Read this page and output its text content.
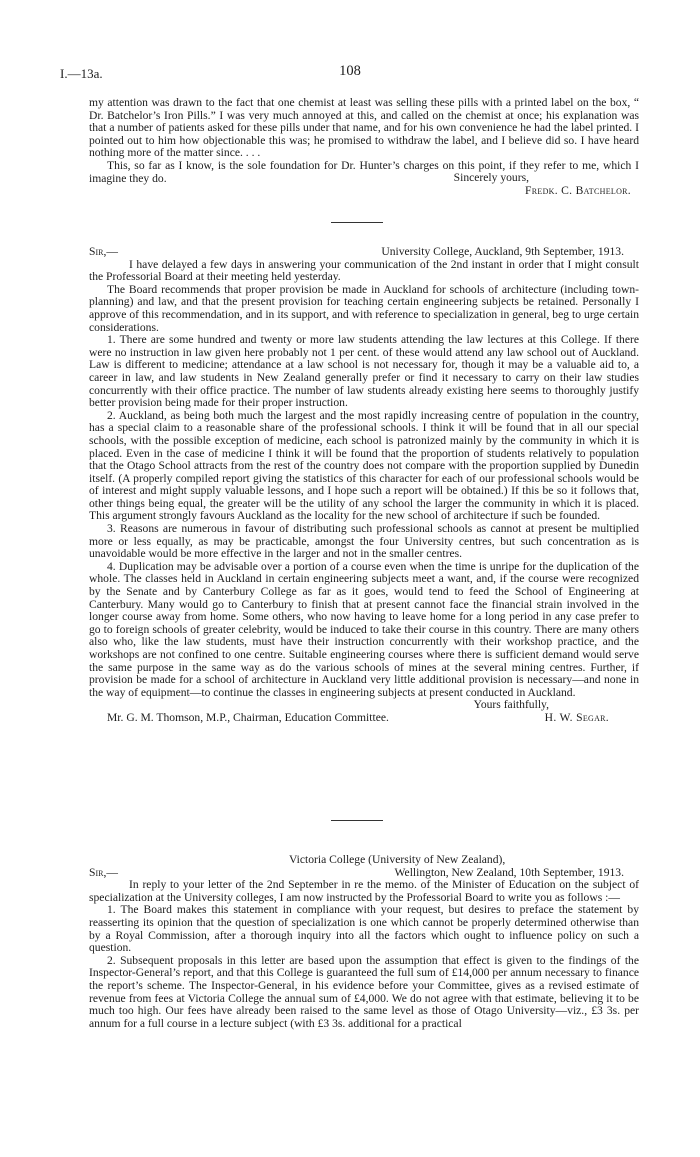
I.—13a.	108

my attention was drawn to the fact that one chemist at least was selling these pills with a printed label on the box, “ Dr. Batchelor’s Iron Pills.” I was very much annoyed at this, and called on the chemist at once; his explanation was that a number of patients asked for these pills under that name, and for his own convenience he had the label printed. I pointed out to him how objectionable this was; he promised to withdraw the label, and I believe did so. I have heard nothing more of the matter since. . . .

This, so far as I know, is the sole foundation for Dr. Hunter’s charges on this point, if they refer to me, which I imagine they do.	Sincerely yours,
Fredk. C. Batchelor.
Sir,—	University College, Auckland, 9th September, 1913.

I have delayed a few days in answering your communication of the 2nd instant in order that I might consult the Professorial Board at their meeting held yesterday.

The Board recommends that proper provision be made in Auckland for schools of architecture (including town-planning) and law, and that the present provision for teaching certain engineering subjects be retained. Personally I approve of this recommendation, and in its support, and with reference to specialization in general, beg to urge certain considerations.

1. There are some hundred and twenty or more law students attending the law lectures at this College. If there were no instruction in law given here probably not 1 per cent. of these would attend any law school out of Auckland. Law is different to medicine; attendance at a law school is not necessary for, though it may be a valuable aid to, a career in law, and law students in New Zealand generally prefer or find it necessary to carry on their law studies concurrently with their office practice. The number of law students already existing here seems to thoroughly justify better provision being made for their proper instruction.

2. Auckland, as being both much the largest and the most rapidly increasing centre of population in the country, has a special claim to a reasonable share of the professional schools. I think it will be found that in all our special schools, with the possible exception of medicine, each school is patronized mainly by the community in which it is placed. Even in the case of medicine I think it will be found that the proportion of students relatively to population that the Otago School attracts from the rest of the country does not compare with the proportion supplied by Dunedin itself. (A properly compiled report giving the statistics of this character for each of our professional schools would be of interest and might supply valuable lessons, and I hope such a report will be obtained.) If this be so it follows that, other things being equal, the greater will be the utility of any school the larger the community in which it is placed. This argument strongly favours Auckland as the locality for the new school of architecture if such be founded.

3. Reasons are numerous in favour of distributing such professional schools as cannot at present be multiplied more or less equally, as may be practicable, amongst the four University centres, but such concentration as is unavoidable would be more effective in the larger and not in the smaller centres.

4. Duplication may be advisable over a portion of a course even when the time is unripe for the duplication of the whole. The classes held in Auckland in certain engineering subjects meet a want, and, if the course were recognized by the Senate and by Canterbury College as far as it goes, would tend to feed the School of Engineering at Canterbury. Many would go to Canterbury to finish that at present cannot face the financial strain involved in the longer course away from home. Some others, who now having to leave home for a long period in any case prefer to go to foreign schools of greater celebrity, would be induced to take their course in this country. There are many others also who, like the law students, must have their instruction concurrently with their workshop practice, and the workshops are not confined to one centre. Suitable engineering courses where there is sufficient demand would serve the same purpose in the same way as do the various schools of mines at the several mining centres. Further, if provision be made for a school of architecture in Auckland very little additional provision is necessary—and none in the way of equipment—to continue the classes in engineering subjects at present conducted in Auckland.

Yours faithfully,
Mr. G. M. Thomson, M.P., Chairman, Education Committee.	H. W. Segar.
Victoria College (University of New Zealand),
Sir,—	Wellington, New Zealand, 10th September, 1913.

In reply to your letter of the 2nd September in re the memo. of the Minister of Education on the subject of specialization at the University colleges, I am now instructed by the Professorial Board to write you as follows :—

1. The Board makes this statement in compliance with your request, but desires to preface the statement by reasserting its opinion that the question of specialization is one which cannot be properly determined otherwise than by a Royal Commission, after a thorough inquiry into all the factors which ought to influence policy on such a question.

2. Subsequent proposals in this letter are based upon the assumption that effect is given to the findings of the Inspector-General’s report, and that this College is guaranteed the full sum of £14,000 per annum necessary to finance the report’s scheme. The Inspector-General, in his evidence before your Committee, gives as a revised estimate of revenue from fees at Victoria College the annual sum of £4,000. We do not agree with that estimate, believing it to be much too high. Our fees have already been raised to the same level as those of Otago University—viz., £3 3s. per annum for a full course in a lecture subject (with £3 3s. additional for a practical
